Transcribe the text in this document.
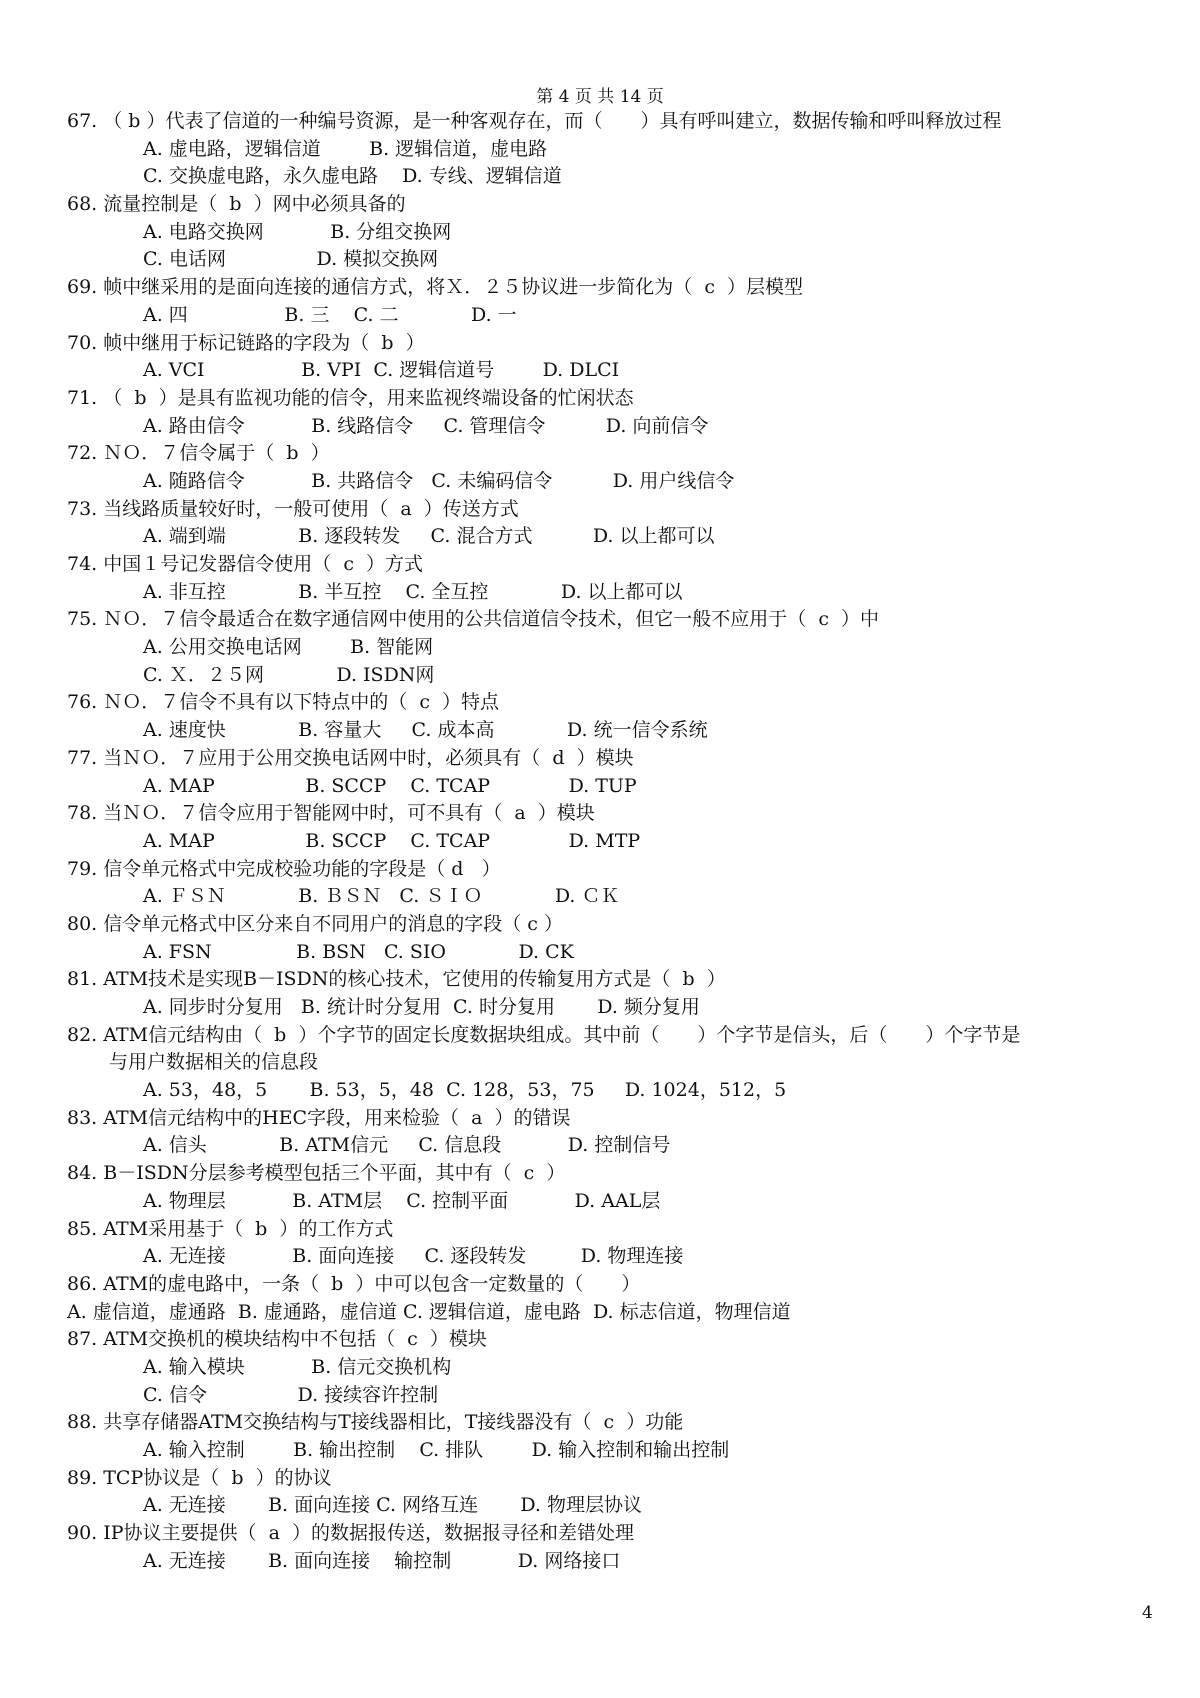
第 4 页 共 14 页
67. （ b ）代表了信道的一种编号资源，是一种客观存在，而（　　）具有呼叫建立，数据传输和呼叫释放过程
A. 虚电路，逻辑信道        B. 逻辑信道，虚电路
C. 交换虚电路，永久虚电路    D. 专线、逻辑信道
68. 流量控制是（  b  ）网中必须具备的
A. 电路交换网           B. 分组交换网
C. 电话网               D. 模拟交换网
69. 帧中继采用的是面向连接的通信方式，将Ｘ．２５协议进一步简化为（  c  ）层模型
A. 四                B. 三    C. 二            D. 一
70. 帧中继用于标记链路的字段为（  b  ）
A. VCI                B. VPI  C. 逻辑信道号        D. DLCI
71. （  b  ）是具有监视功能的信令，用来监视终端设备的忙闲状态
A. 路由信令           B. 线路信令     C. 管理信令          D. 向前信令
72. ＮＯ．７信令属于（  b  ）
A. 随路信令           B. 共路信令   C. 未编码信令          D. 用户线信令
73. 当线路质量较好时，一般可使用（  a  ）传送方式
A. 端到端            B. 逐段转发     C. 混合方式          D. 以上都可以
74. 中国１号记发器信令使用（  c  ）方式
A. 非互控            B. 半互控    C. 全互控            D. 以上都可以
75. ＮＯ．７信令最适合在数字通信网中使用的公共信道信令技术，但它一般不应用于（  c  ）中
A. 公用交换电话网        B. 智能网
C. Ｘ．２５网            D. ISDN网
76. ＮＯ．７信令不具有以下特点中的（  c  ）特点
A. 速度快            B. 容量大     C. 成本高            D. 统一信令系统
77. 当ＮＯ．７应用于公用交换电话网中时，必须具有（  d  ）模块
A. MAP               B. SCCP    C. TCAP             D. TUP
78. 当ＮＯ．７信令应用于智能网中时，可不具有（  a  ）模块
A. MAP               B. SCCP    C. TCAP             D. MTP
79. 信令单元格式中完成校验功能的字段是（ d   ）
A. ＦＳＮ            B. ＢＳＮ   C. ＳＩＯ            D. ＣＫ
80. 信令单元格式中区分来自不同用户的消息的字段（ c ）
A. FSN              B. BSN   C. SIO            D. CK
81. ATM技术是实现B－ISDN的核心技术，它使用的传输复用方式是（  b  ）
A. 同步时分复用   B. 统计时分复用  C. 时分复用       D. 频分复用
82. ATM信元结构由（  b  ）个字节的固定长度数据块组成。其中前（　　）个字节是信头，后（　　）个字节是
与用户数据相关的信息段
A. 53，48，5       B. 53，5，48  C. 128，53，75     D. 1024，512，5
83. ATM信元结构中的HEC字段，用来检验（  a  ）的错误
A. 信头            B. ATM信元     C. 信息段           D. 控制信号
84. B－ISDN分层参考模型包括三个平面，其中有（  c  ）
A. 物理层           B. ATM层    C. 控制平面           D. AAL层
85. ATM采用基于（  b  ）的工作方式
A. 无连接           B. 面向连接     C. 逐段转发         D. 物理连接
86. ATM的虚电路中，一条（  b  ）中可以包含一定数量的（　　）
A. 虚信道，虚通路  B. 虚通路，虚信道 C. 逻辑信道，虚电路  D. 标志信道，物理信道
87. ATM交换机的模块结构中不包括（  c  ）模块
A. 输入模块           B. 信元交换机构
C. 信令               D. 接续容许控制
88. 共享存储器ATM交换结构与T接线器相比，T接线器没有（  c  ）功能
A. 输入控制        B. 输出控制    C. 排队        D. 输入控制和输出控制
89. TCP协议是（  b  ）的协议
A. 无连接       B. 面向连接 C. 网络互连       D. 物理层协议
90. IP协议主要提供（  a  ）的数据报传送，数据报寻径和差错处理
A. 无连接       B. 面向连接    输控制           D. 网络接口
4
